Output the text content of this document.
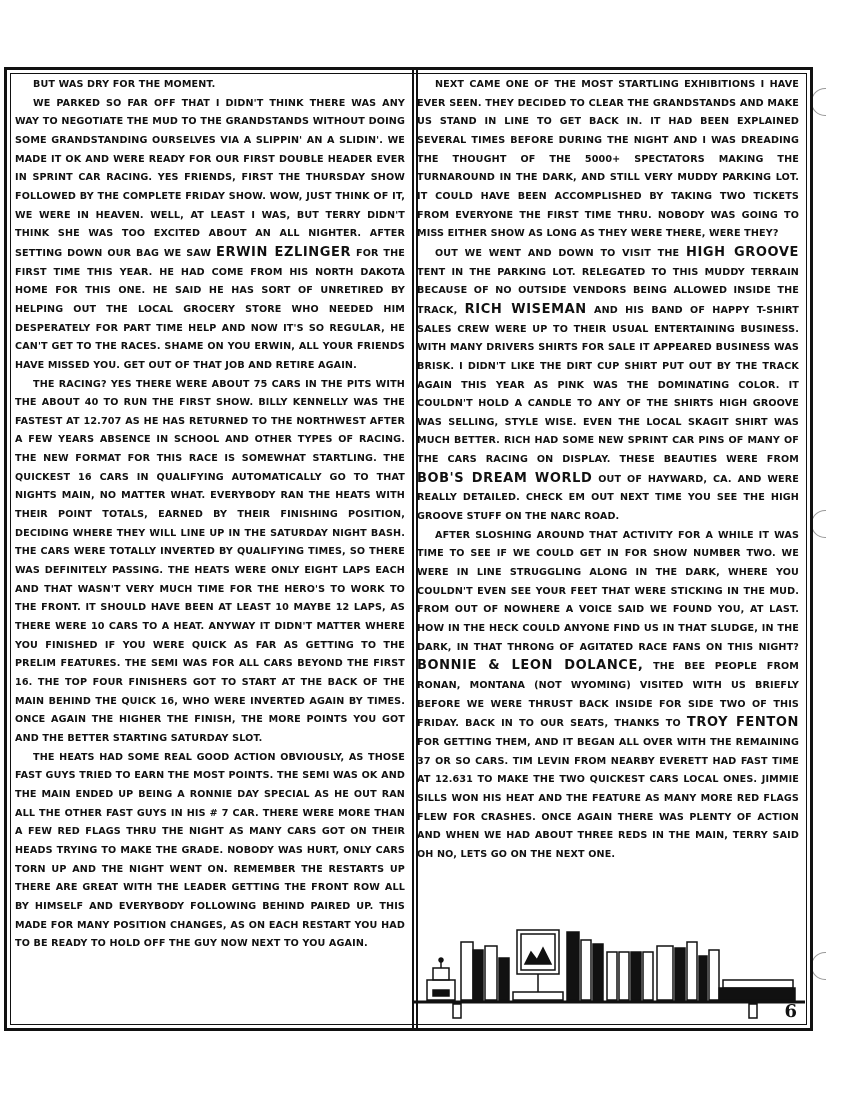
BUT WAS DRY FOR THE MOMENT.

WE PARKED SO FAR OFF THAT I DIDN'T THINK THERE WAS ANY WAY TO NEGOTIATE THE MUD TO THE GRANDSTANDS WITHOUT DOING SOME GRANDSTANDING OURSELVES VIA A SLIPPIN' AN A SLIDIN'. WE MADE IT OK AND WERE READY FOR OUR FIRST DOUBLE HEADER EVER IN SPRINT CAR RACING. YES FRIENDS, FIRST THE THURSDAY SHOW FOLLOWED BY THE COMPLETE FRIDAY SHOW. WOW, JUST THINK OF IT, WE WERE IN HEAVEN. WELL, AT LEAST I WAS, BUT TERRY DIDN'T THINK SHE WAS TOO EXCITED ABOUT AN ALL NIGHTER. AFTER SETTING DOWN OUR BAG WE SAW ERWIN EZLINGER FOR THE FIRST TIME THIS YEAR. HE HAD COME FROM HIS NORTH DAKOTA HOME FOR THIS ONE. HE SAID HE HAS SORT OF UNRETIRED BY HELPING OUT THE LOCAL GROCERY STORE WHO NEEDED HIM DESPERATELY FOR PART TIME HELP AND NOW IT'S SO REGULAR, HE CAN'T GET TO THE RACES. SHAME ON YOU ERWIN, ALL YOUR FRIENDS HAVE MISSED YOU. GET OUT OF THAT JOB AND RETIRE AGAIN.

THE RACING? YES THERE WERE ABOUT 75 CARS IN THE PITS WITH THE ABOUT 40 TO RUN THE FIRST SHOW. BILLY KENNELLY WAS THE FASTEST AT 12.707 AS HE HAS RETURNED TO THE NORTHWEST AFTER A FEW YEARS ABSENCE IN SCHOOL AND OTHER TYPES OF RACING. THE NEW FORMAT FOR THIS RACE IS SOMEWHAT STARTLING. THE QUICKEST 16 CARS IN QUALIFYING AUTOMATICALLY GO TO THAT NIGHTS MAIN, NO MATTER WHAT. EVERYBODY RAN THE HEATS WITH THEIR POINT TOTALS, EARNED BY THEIR FINISHING POSITION, DECIDING WHERE THEY WILL LINE UP IN THE SATURDAY NIGHT BASH. THE CARS WERE TOTALLY INVERTED BY QUALIFYING TIMES, SO THERE WAS DEFINITELY PASSING. THE HEATS WERE ONLY EIGHT LAPS EACH AND THAT WASN'T VERY MUCH TIME FOR THE HERO'S TO WORK TO THE FRONT. IT SHOULD HAVE BEEN AT LEAST 10 MAYBE 12 LAPS, AS THERE WERE 10 CARS TO A HEAT. ANYWAY IT DIDN'T MATTER WHERE YOU FINISHED IF YOU WERE QUICK AS FAR AS GETTING TO THE PRELIM FEATURES. THE SEMI WAS FOR ALL CARS BEYOND THE FIRST 16. THE TOP FOUR FINISHERS GOT TO START AT THE BACK OF THE MAIN BEHIND THE QUICK 16, WHO WERE INVERTED AGAIN BY TIMES. ONCE AGAIN THE HIGHER THE FINISH, THE MORE POINTS YOU GOT AND THE BETTER STARTING SATURDAY SLOT.

THE HEATS HAD SOME REAL GOOD ACTION OBVIOUSLY, AS THOSE FAST GUYS TRIED TO EARN THE MOST POINTS. THE SEMI WAS OK AND THE MAIN ENDED UP BEING A RONNIE DAY SPECIAL AS HE OUT RAN ALL THE OTHER FAST GUYS IN HIS # 7 CAR. THERE WERE MORE THAN A FEW RED FLAGS THRU THE NIGHT AS MANY CARS GOT ON THEIR HEADS TRYING TO MAKE THE GRADE. NOBODY WAS HURT, ONLY CARS TORN UP AND THE NIGHT WENT ON. REMEMBER THE RESTARTS UP THERE ARE GREAT WITH THE LEADER GETTING THE FRONT ROW ALL BY HIMSELF AND EVERYBODY FOLLOWING BEHIND PAIRED UP. THIS MADE FOR MANY POSITION CHANGES, AS ON EACH RESTART YOU HAD TO BE READY TO HOLD OFF THE GUY NOW NEXT TO YOU AGAIN.

NEXT CAME ONE OF THE MOST STARTLING EXHIBITIONS I HAVE EVER SEEN. THEY DECIDED TO CLEAR THE GRANDSTANDS AND MAKE US STAND IN LINE TO GET BACK IN. IT HAD BEEN EXPLAINED SEVERAL TIMES BEFORE DURING THE NIGHT AND I WAS DREADING THE THOUGHT OF THE 5000+ SPECTATORS MAKING THE TURNAROUND IN THE DARK, AND STILL VERY MUDDY PARKING LOT. IT COULD HAVE BEEN ACCOMPLISHED BY TAKING TWO TICKETS FROM EVERYONE THE FIRST TIME THRU. NOBODY WAS GOING TO MISS EITHER SHOW AS LONG AS THEY WERE THERE, WERE THEY?

OUT WE WENT AND DOWN TO VISIT THE HIGH GROOVE TENT IN THE PARKING LOT. RELEGATED TO THIS MUDDY TERRAIN BECAUSE OF NO OUTSIDE VENDORS BEING ALLOWED INSIDE THE TRACK, RICH WISEMAN AND HIS BAND OF HAPPY T-SHIRT SALES CREW WERE UP TO THEIR USUAL ENTERTAINING BUSINESS. WITH MANY DRIVERS SHIRTS FOR SALE IT APPEARED BUSINESS WAS BRISK. I DIDN'T LIKE THE DIRT CUP SHIRT PUT OUT BY THE TRACK AGAIN THIS YEAR AS PINK WAS THE DOMINATING COLOR. IT COULDN'T HOLD A CANDLE TO ANY OF THE SHIRTS HIGH GROOVE WAS SELLING, STYLE WISE. EVEN THE LOCAL SKAGIT SHIRT WAS MUCH BETTER. RICH HAD SOME NEW SPRINT CAR PINS OF MANY OF THE CARS RACING ON DISPLAY. THESE BEAUTIES WERE FROM BOB'S DREAM WORLD OUT OF HAYWARD, CA. AND WERE REALLY DETAILED. CHECK EM OUT NEXT TIME YOU SEE THE HIGH GROOVE STUFF ON THE NARC ROAD.

AFTER SLOSHING AROUND THAT ACTIVITY FOR A WHILE IT WAS TIME TO SEE IF WE COULD GET IN FOR SHOW NUMBER TWO. WE WERE IN LINE STRUGGLING ALONG IN THE DARK, WHERE YOU COULDN'T EVEN SEE YOUR FEET THAT WERE STICKING IN THE MUD. FROM OUT OF NOWHERE A VOICE SAID WE FOUND YOU, AT LAST. HOW IN THE HECK COULD ANYONE FIND US IN THAT SLUDGE, IN THE DARK, IN THAT THRONG OF AGITATED RACE FANS ON THIS NIGHT? BONNIE & LEON DOLANCE, THE BEE PEOPLE FROM RONAN, MONTANA (NOT WYOMING) VISITED WITH US BRIEFLY BEFORE WE WERE THRUST BACK INSIDE FOR SIDE TWO OF THIS FRIDAY. BACK IN TO OUR SEATS, THANKS TO TROY FENTON FOR GETTING THEM, AND IT BEGAN ALL OVER WITH THE REMAINING 37 OR SO CARS. TIM LEVIN FROM NEARBY EVERETT HAD FAST TIME AT 12.631 TO MAKE THE TWO QUICKEST CARS LOCAL ONES. JIMMIE SILLS WON HIS HEAT AND THE FEATURE AS MANY MORE RED FLAGS FLEW FOR CRASHES. ONCE AGAIN THERE WAS PLENTY OF ACTION AND WHEN WE HAD ABOUT THREE REDS IN THE MAIN, TERRY SAID OH NO, LETS GO ON THE NEXT ONE.

6
